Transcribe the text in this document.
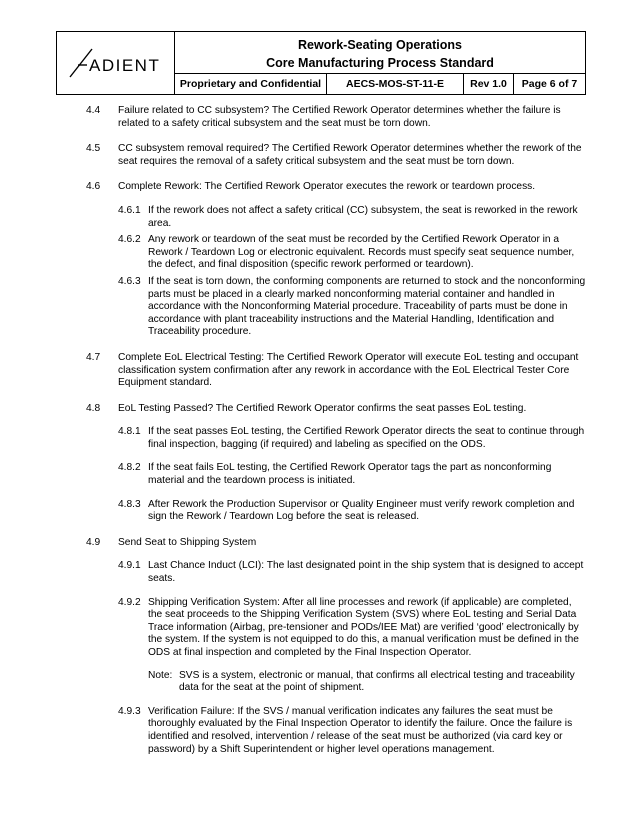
ADIENT
Rework-Seating Operations
Core Manufacturing Process Standard
Proprietary and Confidential	AECS-MOS-ST-11-E	Rev 1.0	Page 6 of 7
4.4	Failure related to CC subsystem? The Certified Rework Operator determines whether the failure is related to a safety critical subsystem and the seat must be torn down.
4.5	CC subsystem removal required? The Certified Rework Operator determines whether the rework of the seat requires the removal of a safety critical subsystem and the seat must be torn down.
4.6	Complete Rework: The Certified Rework Operator executes the rework or teardown process.
4.6.1 If the rework does not affect a safety critical (CC) subsystem, the seat is reworked in the rework area.
4.6.2 Any rework or teardown of the seat must be recorded by the Certified Rework Operator in a Rework / Teardown Log or electronic equivalent. Records must specify seat sequence number, the defect, and final disposition (specific rework performed or teardown).
4.6.3 If the seat is torn down, the conforming components are returned to stock and the nonconforming parts must be placed in a clearly marked nonconforming material container and handled in accordance with the Nonconforming Material procedure. Traceability of parts must be done in accordance with plant traceability instructions and the Material Handling, Identification and Traceability procedure.
4.7	Complete EoL Electrical Testing: The Certified Rework Operator will execute EoL testing and occupant classification system confirmation after any rework in accordance with the EoL Electrical Tester Core Equipment standard.
4.8	EoL Testing Passed? The Certified Rework Operator confirms the seat passes EoL testing.
4.8.1 If the seat passes EoL testing, the Certified Rework Operator directs the seat to continue through final inspection, bagging (if required) and labeling as specified on the ODS.
4.8.2 If the seat fails EoL testing, the Certified Rework Operator tags the part as nonconforming material and the teardown process is initiated.
4.8.3 After Rework the Production Supervisor or Quality Engineer must verify rework completion and sign the Rework / Teardown Log before the seat is released.
4.9	Send Seat to Shipping System
4.9.1 Last Chance Induct (LCI): The last designated point in the ship system that is designed to accept seats.
4.9.2 Shipping Verification System: After all line processes and rework (if applicable) are completed, the seat proceeds to the Shipping Verification System (SVS) where EoL testing and Serial Data Trace information (Airbag, pre-tensioner and PODs/IEE Mat) are verified ‘good’ electronically by the system. If the system is not equipped to do this, a manual verification must be defined in the ODS at final inspection and completed by the Final Inspection Operator.
Note: SVS is a system, electronic or manual, that confirms all electrical testing and traceability data for the seat at the point of shipment.
4.9.3 Verification Failure: If the SVS / manual verification indicates any failures the seat must be thoroughly evaluated by the Final Inspection Operator to identify the failure. Once the failure is identified and resolved, intervention / release of the seat must be authorized (via card key or password) by a Shift Superintendent or higher level operations management.
